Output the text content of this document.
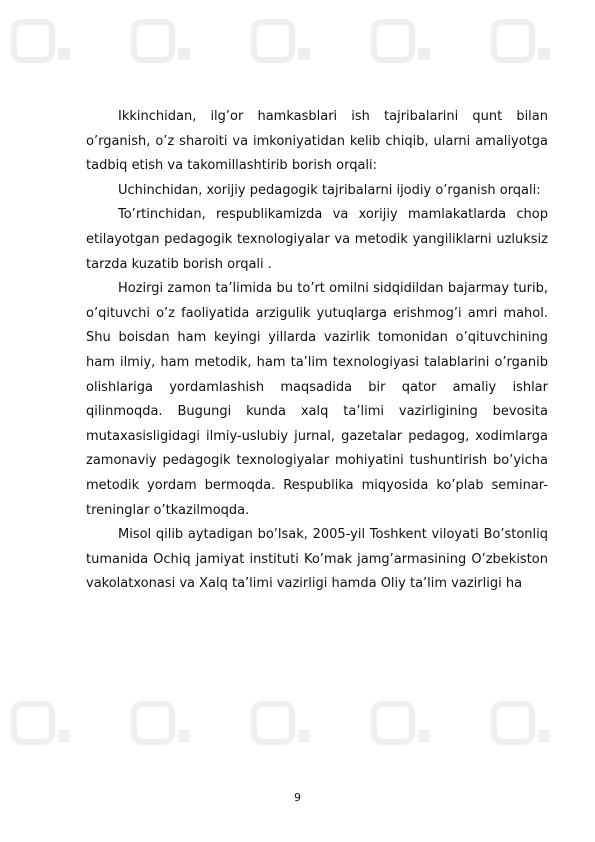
Ikkinchidan, ilg’or hamkasblari ish tajribalarini qunt bilan o’rganish, o’z sharoiti va imkoniyatidan kelib chiqib, ularni amaliyotga tadbiq etish va takomillashtirib borish orqali:

Uchinchidan, xorijiy pedagogik tajribalarni ijodiy o’rganish orqali:

To’rtinchidan, respublikamizda va xorijiy mamlakatlarda chop etilayotgan pedagogik texnologiyalar va metodik yangiliklarni uzluksiz tarzda kuzatib borish orqali .

Hozirgi zamon ta’limida bu to’rt omilni sidqidildan bajarmay turib, o’qituvchi o’z faoliyatida arzigulik yutuqlarga erishmog’i amri mahol. Shu boisdan ham keyingi yillarda vazirlik tomonidan o’qituvchining ham ilmiy, ham metodik, ham ta’lim texnologiyasi talablarini o’rganib olishlariga yordamlashish maqsadida bir qator amaliy ishlar qilinmoqda. Bugungi kunda xalq ta’limi vazirligining bevosita mutaxasisligidagi ilmiy-uslubiy jurnal, gazetalar pedagog, xodimlarga zamonaviy pedagogik texnologiyalar mohiyatini tushuntirish bo’yicha metodik yordam bermoqda. Respublika miqyosida ko’plab seminar-treninglar o’tkazilmoqda.

Misol qilib aytadigan bo’lsak, 2005-yil Toshkent viloyati Bo’stonliq tumanida Ochiq jamiyat instituti Ko’mak jamg’armasining O’zbekiston vakolatxonasi va Xalq ta’limi vazirligi hamda Oliy ta’lim vazirligi ha

9
